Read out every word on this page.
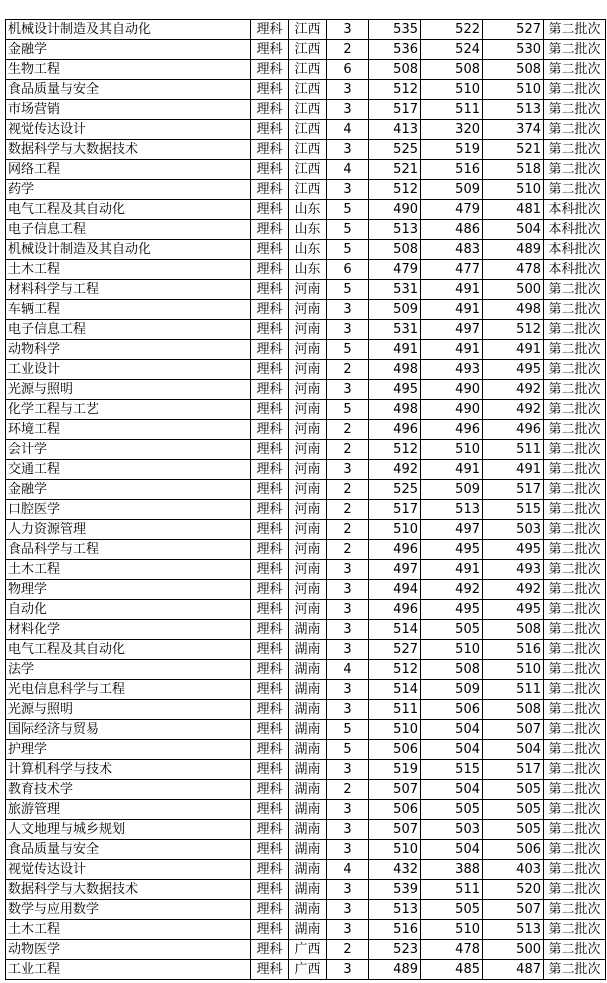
机械设计制造及其自动化	理科	江西	3	535	522	527	第二批次
金融学	理科	江西	2	536	524	530	第二批次
生物工程	理科	江西	6	508	508	508	第二批次
食品质量与安全	理科	江西	3	512	510	510	第二批次
市场营销	理科	江西	3	517	511	513	第二批次
视觉传达设计	理科	江西	4	413	320	374	第二批次
数据科学与大数据技术	理科	江西	3	525	519	521	第二批次
网络工程	理科	江西	4	521	516	518	第二批次
药学	理科	江西	3	512	509	510	第二批次
电气工程及其自动化	理科	山东	5	490	479	481	本科批次
电子信息工程	理科	山东	5	513	486	504	本科批次
机械设计制造及其自动化	理科	山东	5	508	483	489	本科批次
土木工程	理科	山东	6	479	477	478	本科批次
材料科学与工程	理科	河南	5	531	491	500	第二批次
车辆工程	理科	河南	3	509	491	498	第二批次
电子信息工程	理科	河南	3	531	497	512	第二批次
动物科学	理科	河南	5	491	491	491	第二批次
工业设计	理科	河南	2	498	493	495	第二批次
光源与照明	理科	河南	3	495	490	492	第二批次
化学工程与工艺	理科	河南	5	498	490	492	第二批次
环境工程	理科	河南	2	496	496	496	第二批次
会计学	理科	河南	2	512	510	511	第二批次
交通工程	理科	河南	3	492	491	491	第二批次
金融学	理科	河南	2	525	509	517	第二批次
口腔医学	理科	河南	2	517	513	515	第二批次
人力资源管理	理科	河南	2	510	497	503	第二批次
食品科学与工程	理科	河南	2	496	495	495	第二批次
土木工程	理科	河南	3	497	491	493	第二批次
物理学	理科	河南	3	494	492	492	第二批次
自动化	理科	河南	3	496	495	495	第二批次
材料化学	理科	湖南	3	514	505	508	第二批次
电气工程及其自动化	理科	湖南	3	527	510	516	第二批次
法学	理科	湖南	4	512	508	510	第二批次
光电信息科学与工程	理科	湖南	3	514	509	511	第二批次
光源与照明	理科	湖南	3	511	506	508	第二批次
国际经济与贸易	理科	湖南	5	510	504	507	第二批次
护理学	理科	湖南	5	506	504	504	第二批次
计算机科学与技术	理科	湖南	3	519	515	517	第二批次
教育技术学	理科	湖南	2	507	504	505	第二批次
旅游管理	理科	湖南	3	506	505	505	第二批次
人文地理与城乡规划	理科	湖南	3	507	503	505	第二批次
食品质量与安全	理科	湖南	3	510	504	506	第二批次
视觉传达设计	理科	湖南	4	432	388	403	第二批次
数据科学与大数据技术	理科	湖南	3	539	511	520	第二批次
数学与应用数学	理科	湖南	3	513	505	507	第二批次
土木工程	理科	湖南	3	516	510	513	第二批次
动物医学	理科	广西	2	523	478	500	第二批次
工业工程	理科	广西	3	489	485	487	第二批次
